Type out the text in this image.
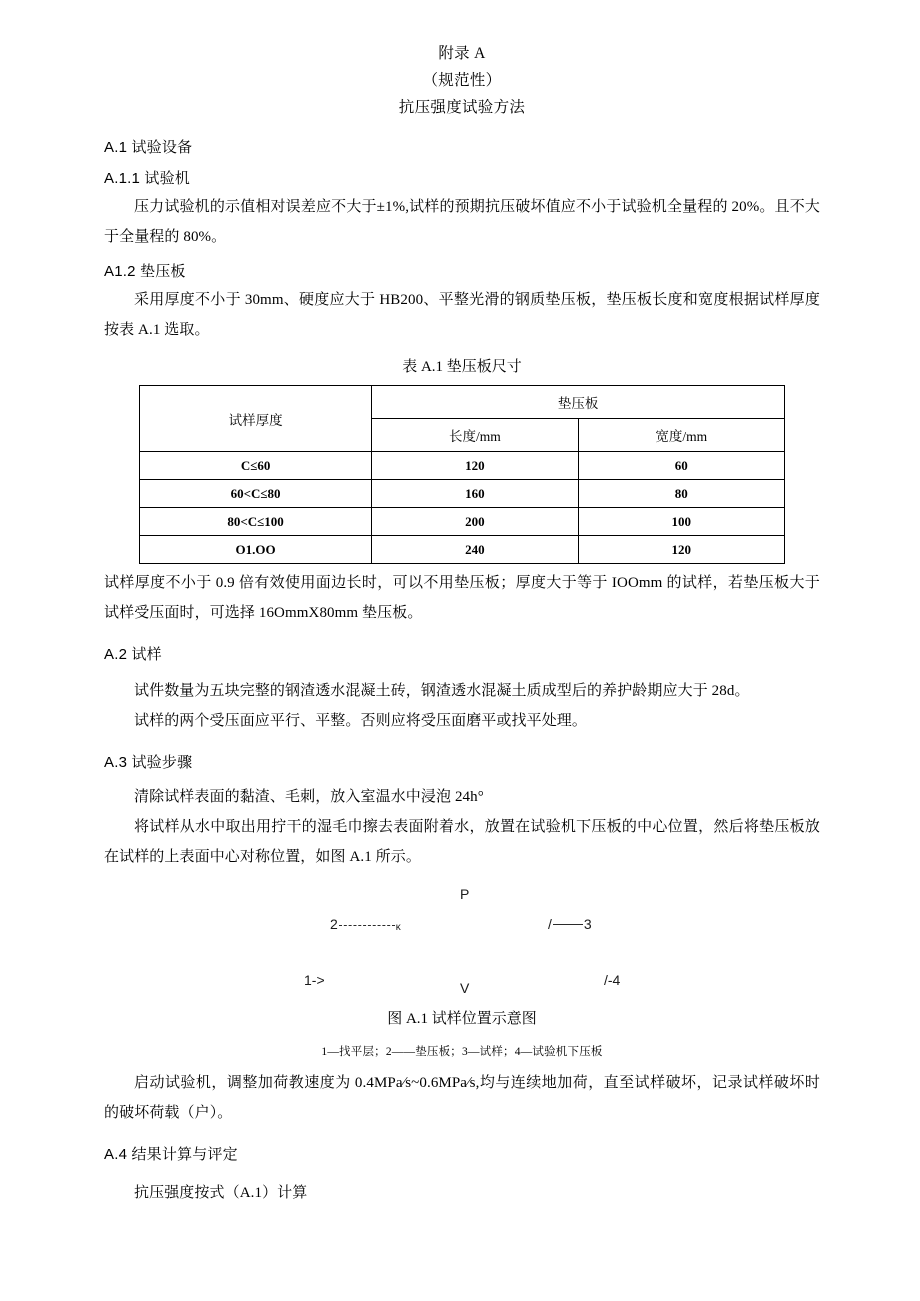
附录 A
（规范性）
抗压强度试验方法
A.1 试验设备
A.1.1 试验机

压力试验机的示值相对误差应不大于±1%,试样的预期抗压破坏值应不小于试验机全量程的 20%。且不大于全量程的 80%。

A1.2 垫压板

采用厚度不小于 30mm、硬度应大于 HB200、平整光滑的钢质垫压板，垫压板长度和宽度根据试样厚度按表 A.1 选取。

表 A.1 垫压板尺寸
试样厚度	垫压板	
	长度/mm	宽度/mm
C≤60	120	60
60<C≤80	160	80
80<C≤100	200	100
O1.OO	240	120

试样厚度不小于 0.9 倍有效使用面边长时，可以不用垫压板；厚度大于等于 IOOmm 的试样，若垫压板大于试样受压面时，可选择 16OmmX80mm 垫压板。

A.2 试样

试件数量为五块完整的钢渣透水混凝土砖，钢渣透水混凝土质成型后的养护龄期应大于 28d。

试样的两个受压面应平行、平整。否则应将受压面磨平或找平处理。

A.3 试验步骤

清除试样表面的黏渣、毛刺，放入室温水中浸泡 24h°

将试样从水中取出用拧干的湿毛巾擦去表面附着水，放置在试验机下压板的中心位置，然后将垫压板放在试样的上表面中心对称位置，如图 A.1 所示。

P
2	ĸ	/ 3
1->	/-4
V
图 A.1 试样位置示意图
1—找平层；2——垫压板；3—试样；4—试验机下压板

启动试验机，调整加荷教速度为 0.4MPa∕s~0.6MPa∕s,均与连续地加荷，直至试样破坏，记录试样破坏时的破坏荷载（户）。

A.4 结果计算与评定

抗压强度按式（A.1）计算
